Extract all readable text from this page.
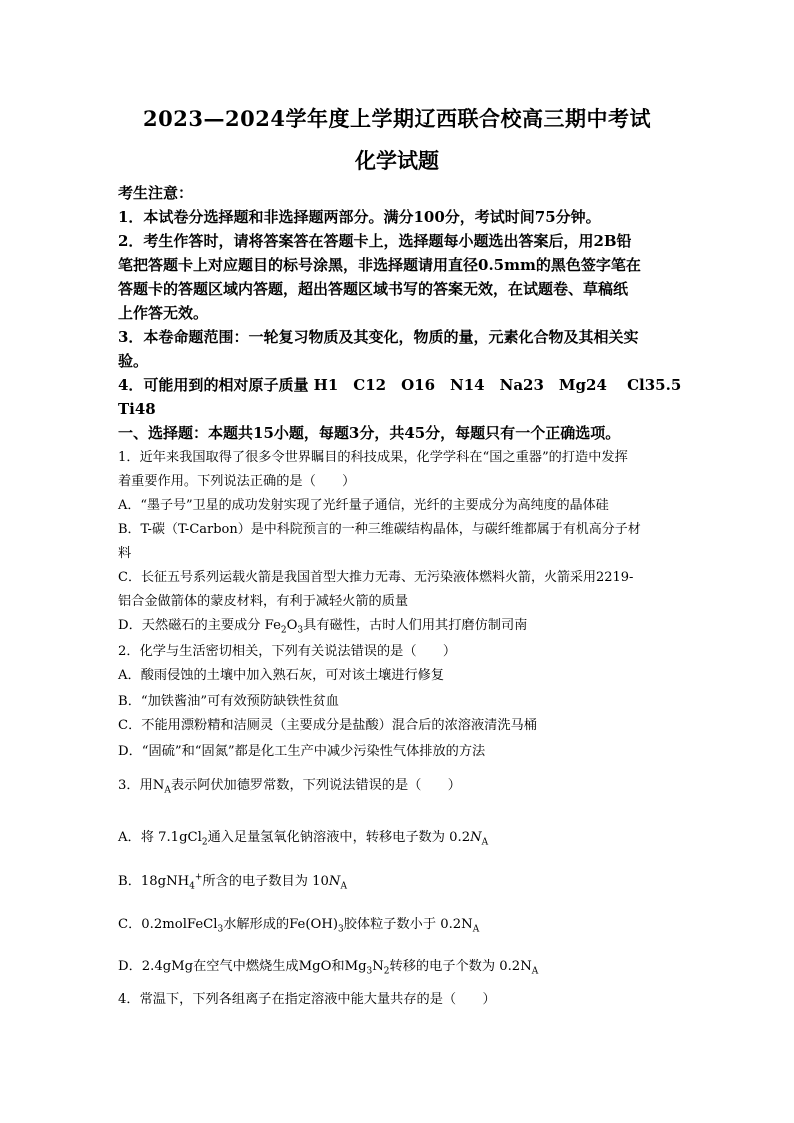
2023—2024学年度上学期辽西联合校高三期中考试
化学试题

考生注意：

1．本试卷分选择题和非选择题两部分。满分100分，考试时间75分钟。

2．考生作答时，请将答案答在答题卡上，选择题每小题选出答案后，用2B铅

笔把答题卡上对应题目的标号涂黑，非选择题请用直径0.5mm的黑色签字笔在

答题卡的答题区域内答题，超出答题区域书写的答案无效，在试题卷、草稿纸

上作答无效。

3．本卷命题范围：一轮复习物质及其变化，物质的量，元素化合物及其相关实

验。

4．可能用到的相对原子质量 H1　C12　O16　N14　Na23　Mg24　 Cl35.5

Ti48

一、选择题：本题共15小题，每题3分，共45分，每题只有一个正确选项。

1．近年来我国取得了很多令世界瞩目的科技成果，化学学科在“国之重器”的打造中发挥

着重要作用。下列说法正确的是（　　）

A．“墨子号”卫星的成功发射实现了光纤量子通信，光纤的主要成分为高纯度的晶体硅

B．T-碳（T-Carbon）是中科院预言的一种三维碳结构晶体，与碳纤维都属于有机高分子材

料

C．长征五号系列运载火箭是我国首型大推力无毒、无污染液体燃料火箭，火箭采用2219-

铝合金做箭体的蒙皮材料，有利于减轻火箭的质量

D．天然磁石的主要成分 $Fe_2O_3$具有磁性，古时人们用其打磨仿制司南

2．化学与生活密切相关，下列有关说法错误的是（　　）

A．酸雨侵蚀的土壤中加入熟石灰，可对该土壤进行修复

B．“加铁酱油”可有效预防缺铁性贫血

C．不能用漂粉精和洁厕灵（主要成分是盐酸）混合后的浓溶液清洗马桶

D．“固硫”和“固氮”都是化工生产中减少污染性气体排放的方法

3．用$N_A$表示阿伏加德罗常数，下列说法错误的是（　　）

A．将 7.1gCl$_2$通入足量氢氧化钠溶液中，转移电子数为 $0.2N_A$

B．18gNH$_4$+所含的电子数目为 $10N_A$

C．0.2molFeCl$_3$水解形成的$Fe(OH)_3$胶体粒子数小于 $0.2N_A$

D．2.4gMg在空气中燃烧生成MgO和$Mg_3N_2$转移的电子个数为 $0.2N_A$

4．常温下，下列各组离子在指定溶液中能大量共存的是（　　）
